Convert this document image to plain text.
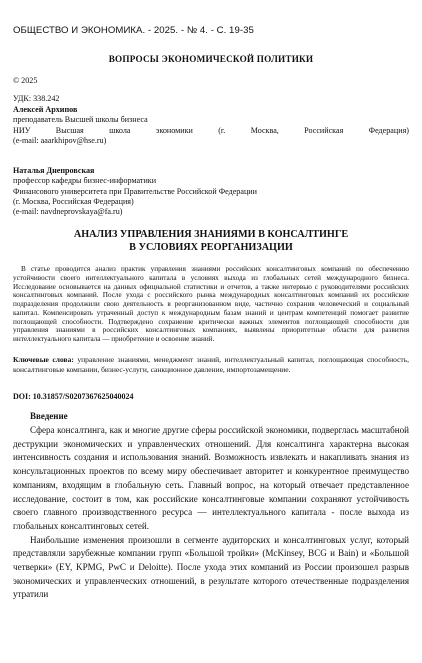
ОБЩЕСТВО И ЭКОНОМИКА. - 2025. - № 4. - С. 19-35
ВОПРОСЫ ЭКОНОМИЧЕСКОЙ ПОЛИТИКИ
© 2025
УДК: 338.242
Алексей Архипов
преподаватель Высшей школы бизнеса
НИУ Высшая школа экономики (г. Москва, Российская Федерация)
(e-mail: aaarkhipov@hse.ru)
Наталья Днепровская
профессор кафедры бизнес-информатики
Финансового университета при Правительстве Российской Федерации
(г. Москва, Российская Федерация)
(e-mail: navdneprovskaya@fa.ru)
АНАЛИЗ УПРАВЛЕНИЯ ЗНАНИЯМИ В КОНСАЛТИНГЕ
В УСЛОВИЯХ РЕОРГАНИЗАЦИИ
В статье проводится анализ практик управления знаниями российских консалтинговых компаний по обеспечению устойчивости своего интеллектуального капитала в условиях выхода из глобальных сетей международного бизнеса. Исследование основывается на данных официальной статистики и отчетов, а также интервью с руководителями российских консалтинговых компаний. После ухода с российского рынка международных консалтинговых компаний их российские подразделения продолжили свою деятельность в реорганизованном виде, частично сохранив человеческий и социальный капитал. Компенсировать утраченный доступ к международным базам знаний и центрам компетенций помогает развитие поглощающей способности. Подтверждено сохранение критически важных элементов поглощающей способности для управления знаниями в российских консалтинговых компаниях, выявлены приоритетные области для развития интеллектуального капитала — приобретение и освоение знаний.
Ключевые слова: управление знаниями, менеджмент знаний, интеллектуальный капитал, поглощающая способность, консалтинговые компании, бизнес-услуги, санкционное давление, импортозамещение.
DOI: 10.31857/S0207367625040024
Введение

Сфера консалтинга, как и многие другие сферы российской экономики, подверглась масштабной деструкции экономических и управленческих отношений. Для консалтинга характерна высокая интенсивность создания и использования знаний. Возможность извлекать и накапливать знания из консультационных проектов по всему миру обеспечивает авторитет и конкурентное преимущество компаниям, входящим в глобальную сеть. Главный вопрос, на который отвечает представленное исследование, состоит в том, как российские консалтинговые компании сохраняют устойчивость своего главного производственного ресурса — интеллектуального капитала - после выхода из глобальных консалтинговых сетей.

Наибольшие изменения произошли в сегменте аудиторских и консалтинговых услуг, который представляли зарубежные компании групп «Большой тройки» (McKinsey, BCG и Bain) и «Большой четверки» (EY, KPMG, PwC и Deloitte). После ухода этих компаний из России произошел разрыв экономических и управленческих отношений, в результате которого отечественные подразделения утратили
